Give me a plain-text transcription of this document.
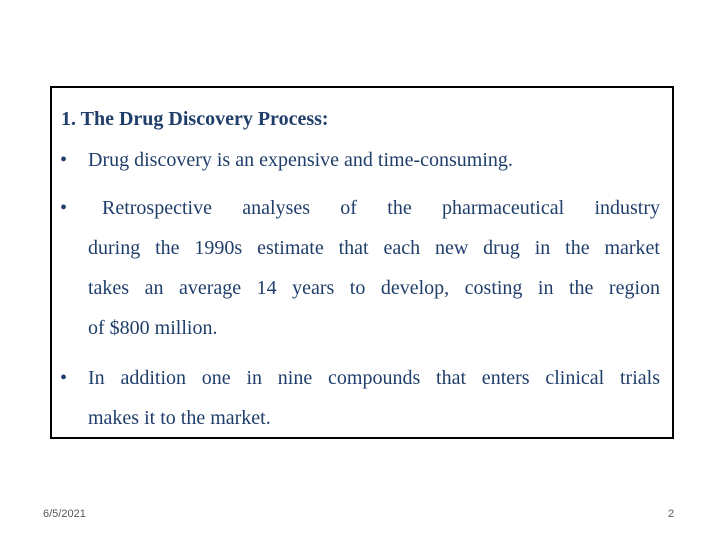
1. The Drug Discovery Process:
• Drug discovery is an expensive and time-consuming.
•	Retrospective analyses of the pharmaceutical industry
during the 1990s estimate that each new drug in the market
takes an average 14 years to develop, costing in the region
of $800 million.
• In addition one in nine compounds that enters clinical trials
makes it to the market.
6/5/2021	2
